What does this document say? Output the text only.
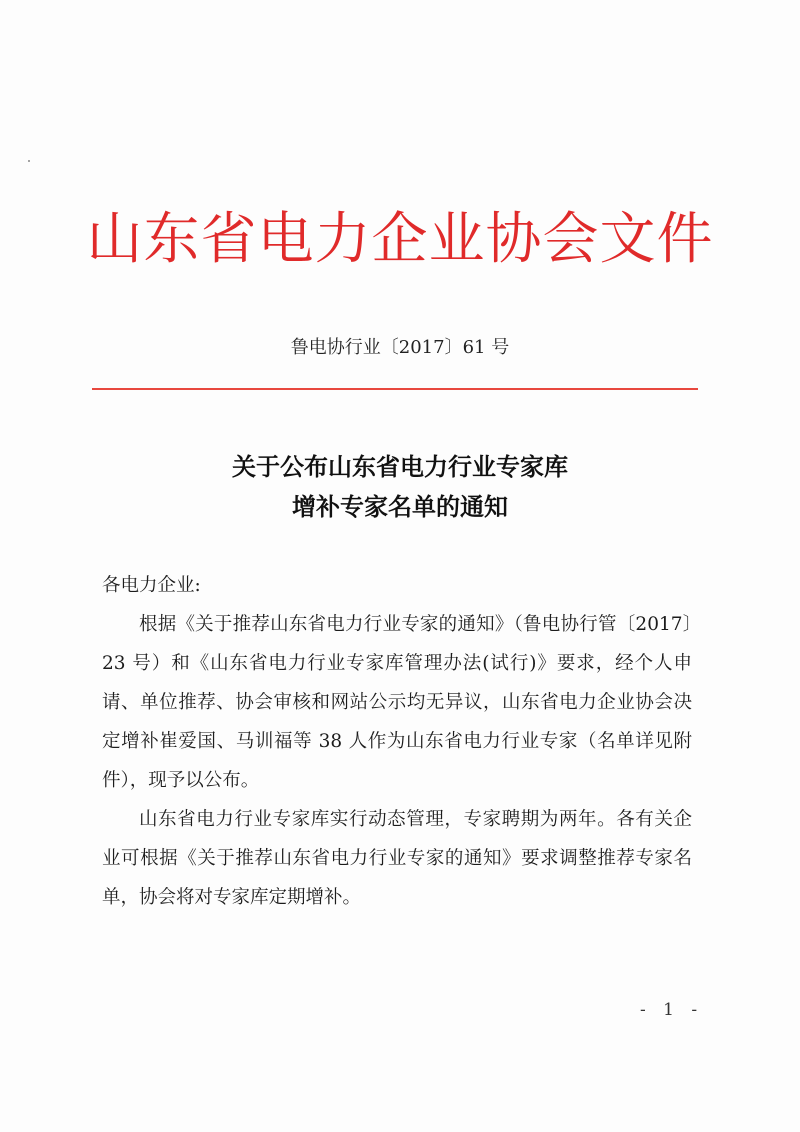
山东省电力企业协会文件
鲁电协行业〔2017〕61 号
关于公布山东省电力行业专家库
增补专家名单的通知

各电力企业:

根据《关于推荐山东省电力行业专家的通知》（鲁电协行管〔2017〕23 号）和《山东省电力行业专家库管理办法(试行)》要求，经个人申请、单位推荐、协会审核和网站公示均无异议，山东省电力企业协会决定增补崔爱国、马训福等 38 人作为山东省电力行业专家（名单详见附件），现予以公布。

山东省电力行业专家库实行动态管理，专家聘期为两年。各有关企业可根据《关于推荐山东省电力行业专家的通知》要求调整推荐专家名单，协会将对专家库定期增补。

- 1 -
